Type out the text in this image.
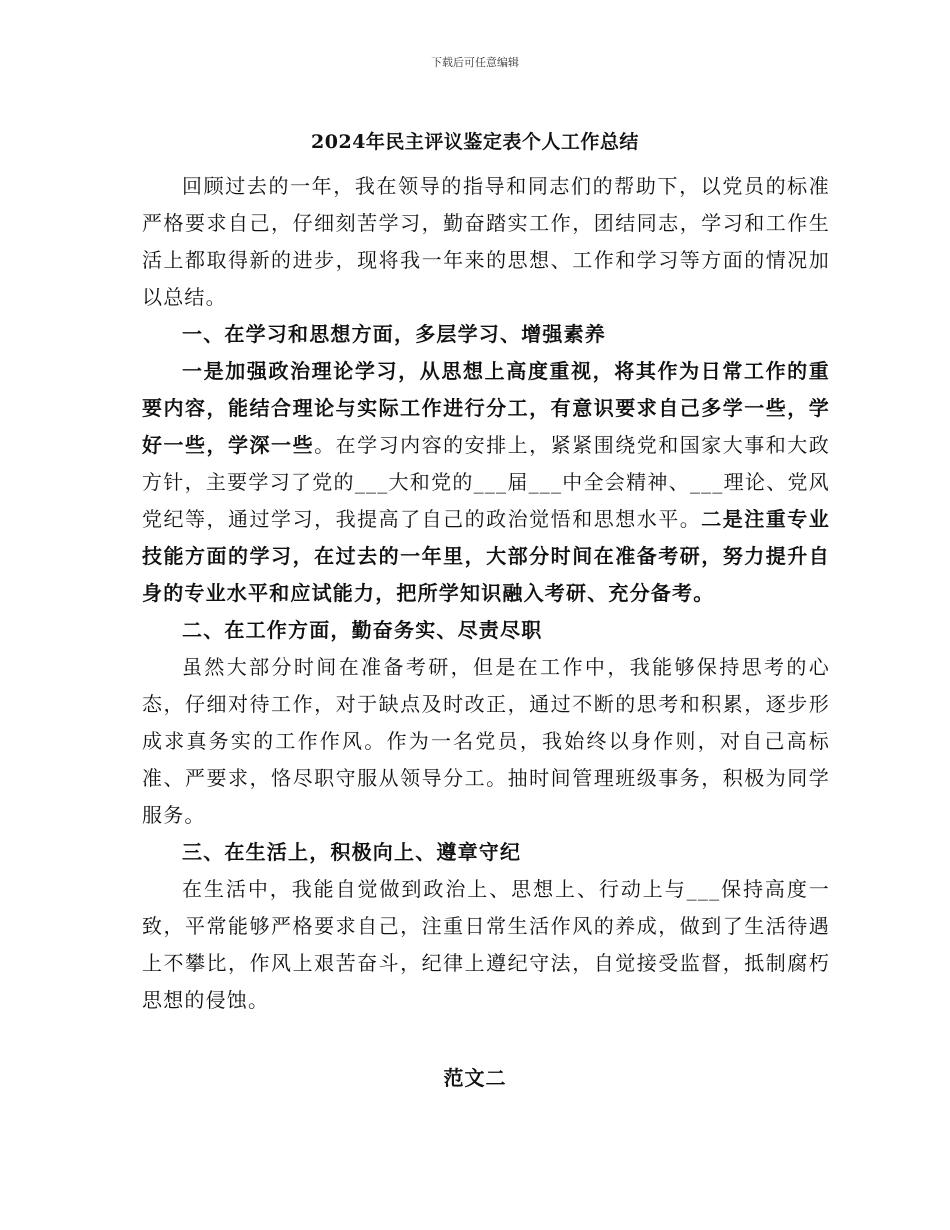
下载后可任意编辑
2024年民主评议鉴定表个人工作总结

回顾过去的一年，我在领导的指导和同志们的帮助下，以党员的标准严格要求自己，仔细刻苦学习，勤奋踏实工作，团结同志，学习和工作生活上都取得新的进步，现将我一年来的思想、工作和学习等方面的情况加以总结。

一、在学习和思想方面，多层学习、增强素养

一是加强政治理论学习，从思想上高度重视，将其作为日常工作的重要内容，能结合理论与实际工作进行分工，有意识要求自己多学一些，学好一些，学深一些。在学习内容的安排上，紧紧围绕党和国家大事和大政方针，主要学习了党的___大和党的___届___中全会精神、___理论、党风党纪等，通过学习，我提高了自己的政治觉悟和思想水平。二是注重专业技能方面的学习，在过去的一年里，大部分时间在准备考研，努力提升自身的专业水平和应试能力，把所学知识融入考研、充分备考。

二、在工作方面，勤奋务实、尽责尽职

虽然大部分时间在准备考研，但是在工作中，我能够保持思考的心态，仔细对待工作，对于缺点及时改正，通过不断的思考和积累，逐步形成求真务实的工作作风。作为一名党员，我始终以身作则，对自己高标准、严要求，恪尽职守服从领导分工。抽时间管理班级事务，积极为同学服务。

三、在生活上，积极向上、遵章守纪

在生活中，我能自觉做到政治上、思想上、行动上与___保持高度一致，平常能够严格要求自己，注重日常生活作风的养成，做到了生活待遇上不攀比，作风上艰苦奋斗，纪律上遵纪守法，自觉接受监督，抵制腐朽思想的侵蚀。

范文二
